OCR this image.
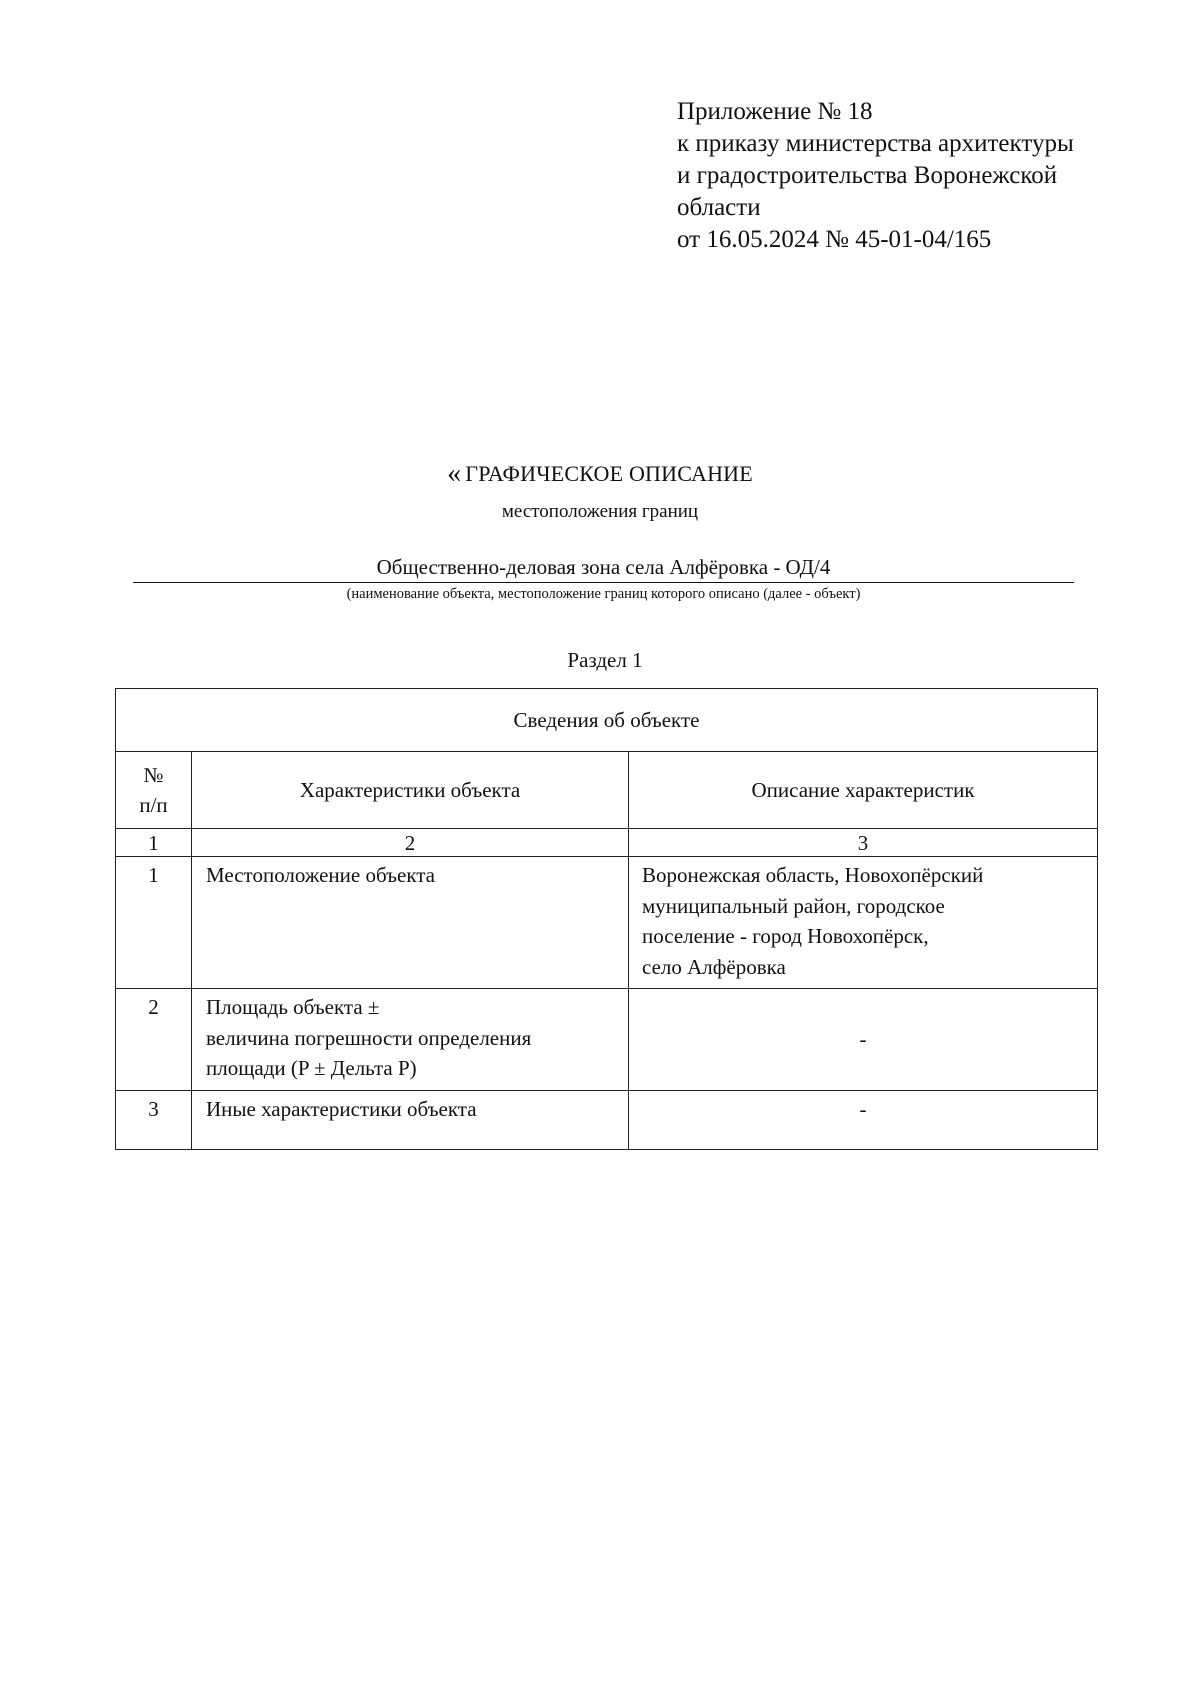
Приложение № 18
к приказу министерства архитектуры
и градостроительства Воронежской
области
от 16.05.2024 № 45-01-04/165
« ГРАФИЧЕСКОЕ ОПИСАНИЕ
местоположения границ
Общественно-деловая зона села Алфёровка - ОД/4
(наименование объекта, местоположение границ которого описано (далее - объект)
Раздел 1
Сведения об объекте		

№
п/п	Характеристики объекта	Описание характеристик
1	2	3
1	Местоположение объекта	Воронежская область, Новохопёрский
муниципальный район, городское
поселение - город Новохопёрск,
село Алфёровка

2	Площадь объекта ±
величина погрешности определения
площади (P ± Дельта P)	-

3	Иные характеристики объекта	-
